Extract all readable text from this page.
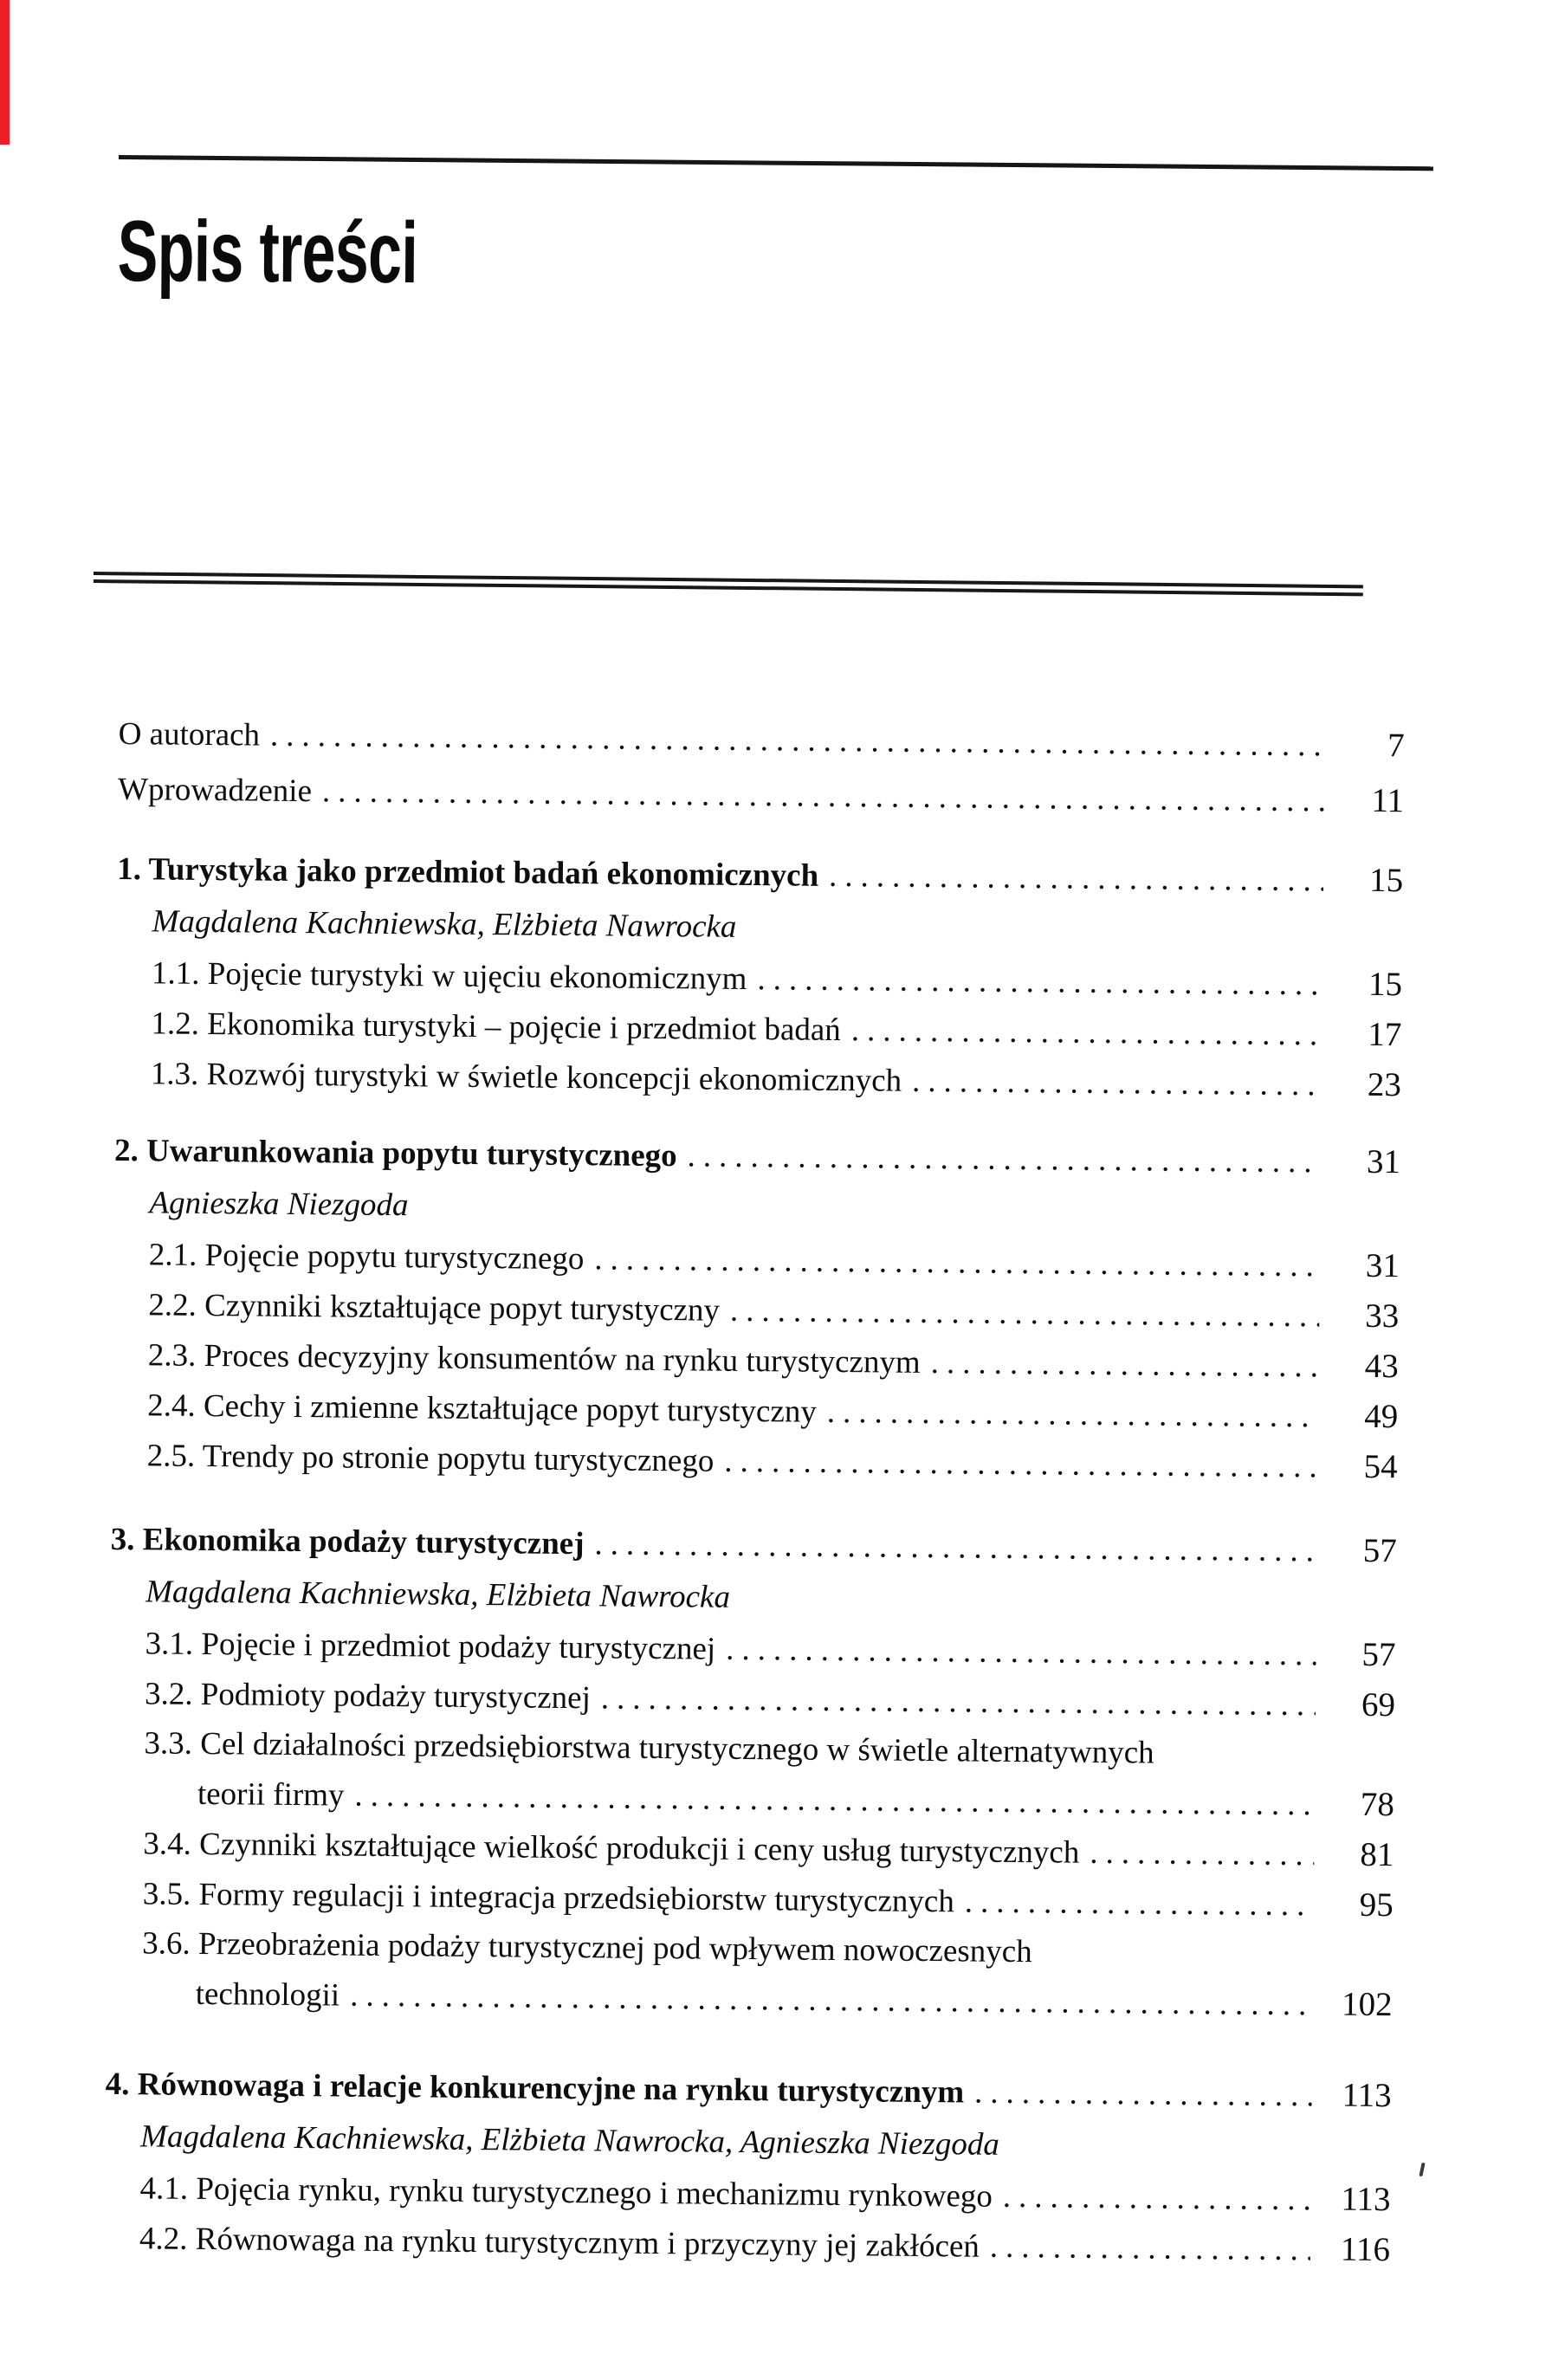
Spis treści
O autorach .....	7
Wprowadzenie .....	11
1. Turystyka jako przedmiot badań ekonomicznych .....	15
Magdalena Kachniewska, Elżbieta Nawrocka
1.1. Pojęcie turystyki w ujęciu ekonomicznym .....	15
1.2. Ekonomika turystyki – pojęcie i przedmiot badań .....	17
1.3. Rozwój turystyki w świetle koncepcji ekonomicznych .....	23
2. Uwarunkowania popytu turystycznego .....	31
Agnieszka Niezgoda
2.1. Pojęcie popytu turystycznego .....	31
2.2. Czynniki kształtujące popyt turystyczny .....	33
2.3. Proces decyzyjny konsumentów na rynku turystycznym .....	43
2.4. Cechy i zmienne kształtujące popyt turystyczny .....	49
2.5. Trendy po stronie popytu turystycznego .....	54
3. Ekonomika podaży turystycznej .....	57
Magdalena Kachniewska, Elżbieta Nawrocka
3.1. Pojęcie i przedmiot podaży turystycznej .....	57
3.2. Podmioty podaży turystycznej .....	69
3.3. Cel działalności przedsiębiorstwa turystycznego w świetle alternatywnych
teorii firmy .....	78
3.4. Czynniki kształtujące wielkość produkcji i ceny usług turystycznych .....	81
3.5. Formy regulacji i integracja przedsiębiorstw turystycznych .....	95
3.6. Przeobrażenia podaży turystycznej pod wpływem nowoczesnych
technologii .....	102
4. Równowaga i relacje konkurencyjne na rynku turystycznym .....	113
Magdalena Kachniewska, Elżbieta Nawrocka, Agnieszka Niezgoda
4.1. Pojęcia rynku, rynku turystycznego i mechanizmu rynkowego .....	113
4.2. Równowaga na rynku turystycznym i przyczyny jej zakłóceń .....	116
